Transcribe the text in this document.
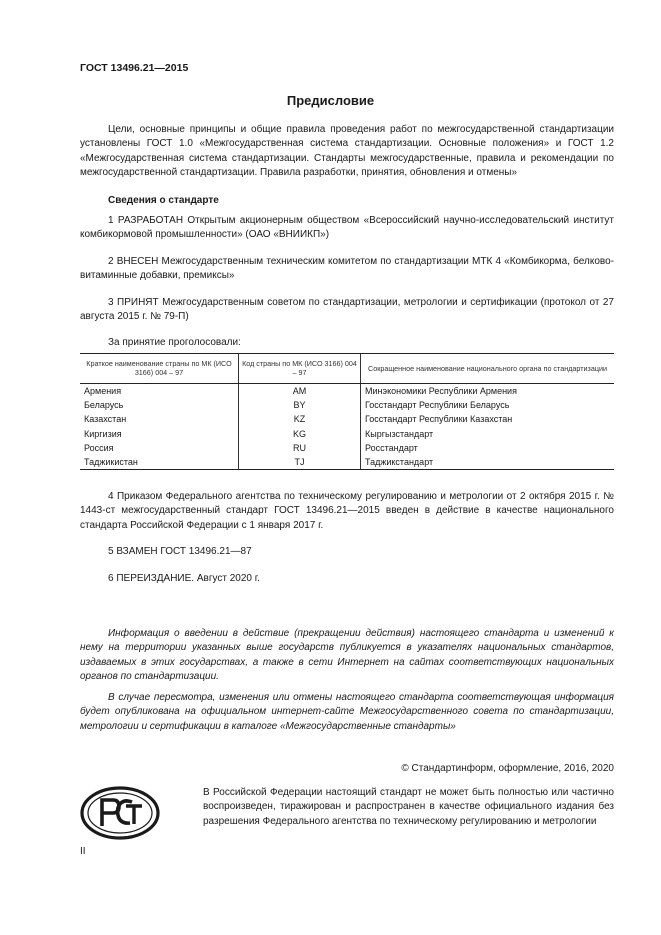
ГОСТ 13496.21—2015
Предисловие
Цели, основные принципы и общие правила проведения работ по межгосударственной стандартизации установлены ГОСТ 1.0 «Межгосударственная система стандартизации. Основные положения» и ГОСТ 1.2 «Межгосударственная система стандартизации. Стандарты межгосударственные, правила и рекомендации по межгосударственной стандартизации. Правила разработки, принятия, обновления и отмены»
Сведения о стандарте
1 РАЗРАБОТАН Открытым акционерным обществом «Всероссийский научно-исследовательский институт комбикормовой промышленности» (ОАО «ВНИИКП»)
2 ВНЕСЕН Межгосударственным техническим комитетом по стандартизации МТК 4 «Комбикорма, белково-витаминные добавки, премиксы»
3 ПРИНЯТ Межгосударственным советом по стандартизации, метрологии и сертификации (протокол от 27 августа 2015 г. № 79-П)
За принятие проголосовали:
Краткое наименование страны по МК (ИСО 3166) 004 – 97	Код страны по МК (ИСО 3166) 004 – 97	Сокращенное наименование национального органа по стандартизации
Армения	AM	Минэкономики Республики Армения
Беларусь	BY	Госстандарт Республики Беларусь
Казахстан	KZ	Госстандарт Республики Казахстан
Киргизия	KG	Кыргызстандарт
Россия	RU	Росстандарт
Таджикистан	TJ	Таджикстандарт
4 Приказом Федерального агентства по техническому регулированию и метрологии от 2 октября 2015 г. № 1443-ст межгосударственный стандарт ГОСТ 13496.21—2015 введен в действие в качестве национального стандарта Российской Федерации с 1 января 2017 г.
5 ВЗАМЕН ГОСТ 13496.21—87
6 ПЕРЕИЗДАНИЕ. Август 2020 г.
Информация о введении в действие (прекращении действия) настоящего стандарта и изменений к нему на территории указанных выше государств публикуется в указателях национальных стандартов, издаваемых в этих государствах, а также в сети Интернет на сайтах соответствующих национальных органов по стандартизации.
В случае пересмотра, изменения или отмены настоящего стандарта соответствующая информация будет опубликована на официальном интернет-сайте Межгосударственного совета по стандартизации, метрологии и сертификации в каталоге «Межгосударственные стандарты»
© Стандартинформ, оформление, 2016, 2020
В Российской Федерации настоящий стандарт не может быть полностью или частично воспроизведен, тиражирован и распространен в качестве официального издания без разрешения Федерального агентства по техническому регулированию и метрологии
II
